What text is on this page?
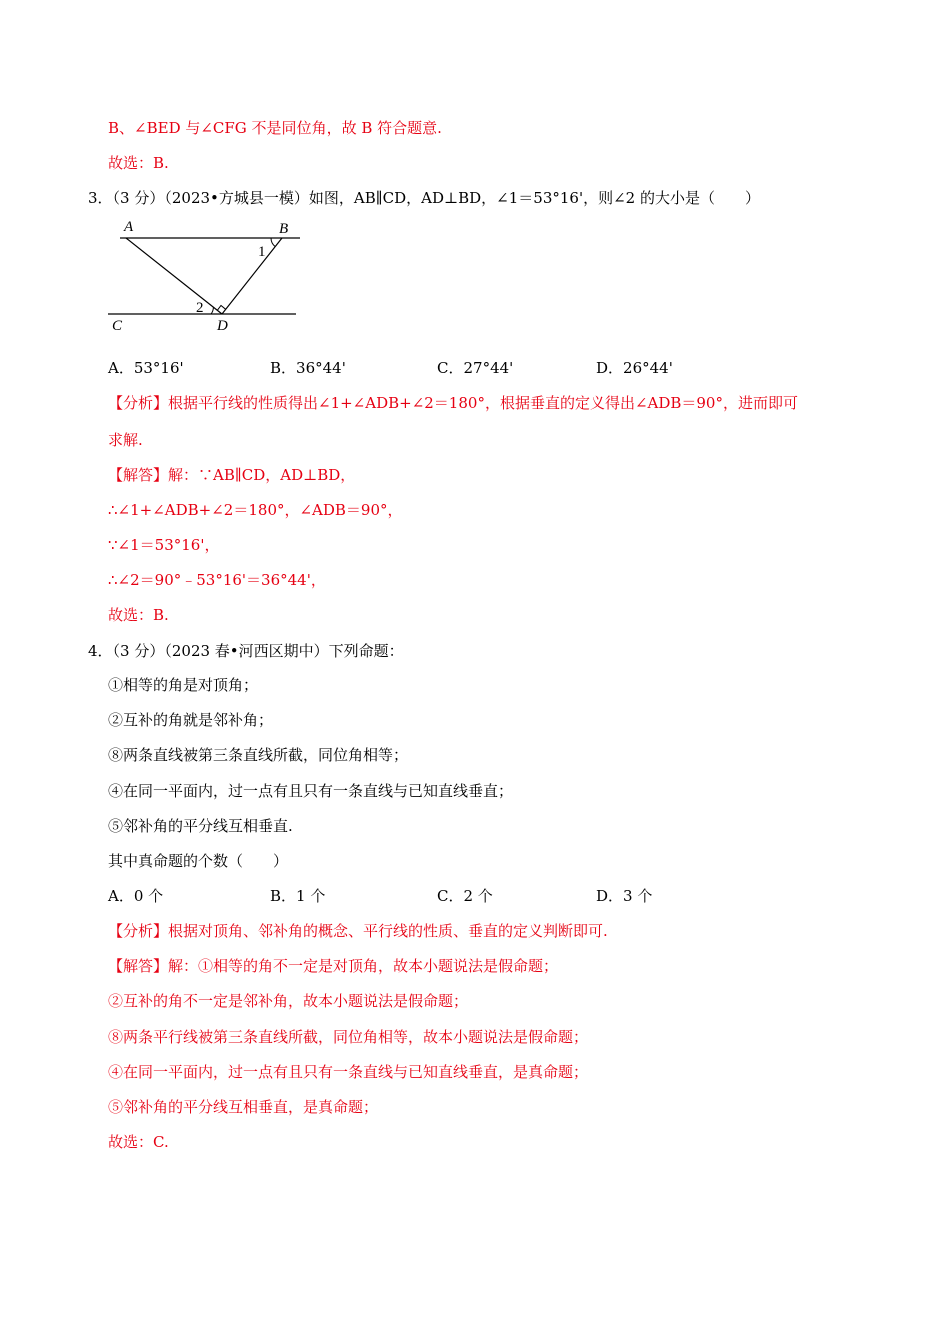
B、∠BED 与∠CFG 不是同位角，故 B 符合题意.
故选：B.
3．（3 分）（2023•方城县一模）如图，AB∥CD，AD⊥BD，∠1＝53°16'，则∠2 的大小是（　　）
A	B
1
2
C	D
A．53°16'	B．36°44'	C．27°44'	D．26°44'
【分析】根据平行线的性质得出∠1+∠ADB+∠2＝180°，根据垂直的定义得出∠ADB＝90°，进而即可
求解.
【解答】解：∵AB∥CD，AD⊥BD，
∴∠1+∠ADB+∠2＝180°，∠ADB＝90°，
∵∠1＝53°16'，
∴∠2＝90°﹣53°16'＝36°44'，
故选：B.
4．（3 分）（2023 春•河西区期中）下列命题：
①相等的角是对顶角；
②互补的角就是邻补角；
⑧两条直线被第三条直线所截，同位角相等；
④在同一平面内，过一点有且只有一条直线与已知直线垂直；
⑤邻补角的平分线互相垂直.
其中真命题的个数（　　）
A．0 个	B．1 个	C．2 个	D．3 个
【分析】根据对顶角、邻补角的概念、平行线的性质、垂直的定义判断即可.
【解答】解：①相等的角不一定是对顶角，故本小题说法是假命题；
②互补的角不一定是邻补角，故本小题说法是假命题；
⑧两条平行线被第三条直线所截，同位角相等，故本小题说法是假命题；
④在同一平面内，过一点有且只有一条直线与已知直线垂直，是真命题；
⑤邻补角的平分线互相垂直，是真命题；
故选：C.
